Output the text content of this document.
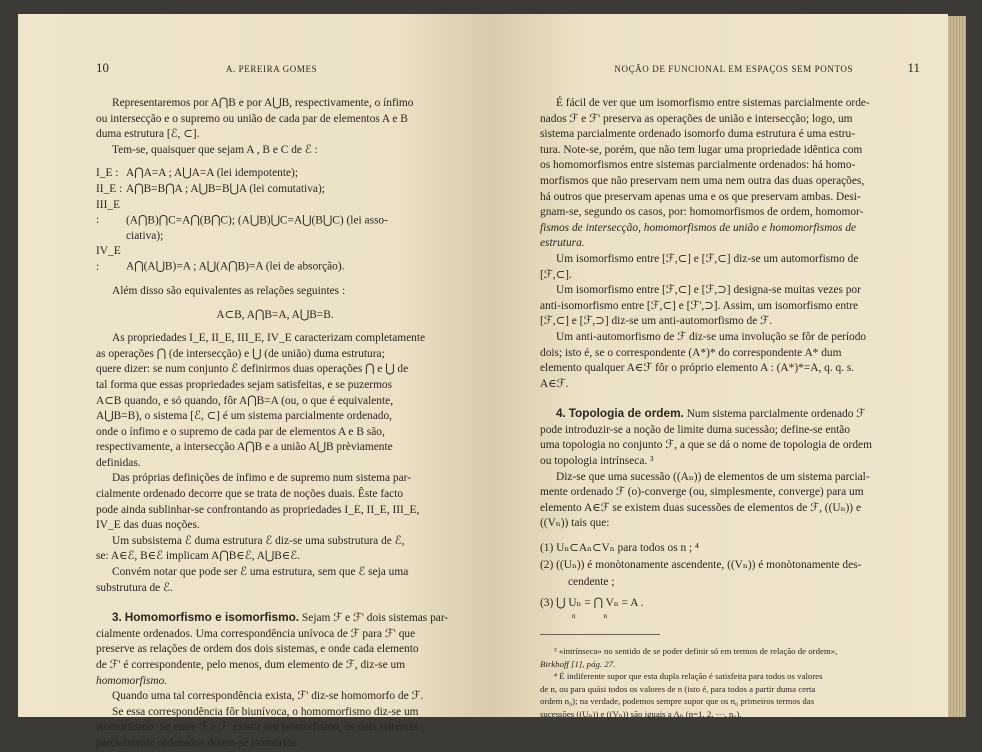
10	A. PEREIRA GOMES

Representaremos por A⋂B e por A⋃B, respectivamente, o ínfimo
ou intersecção e o supremo ou união de cada par de elementos A e B
duma estrutura [ℰ, ⊂].

Tem-se, quaisquer que sejam A , B e C de ℰ :

I_E : A⋂A=A ; A⋃A=A (lei idempotente);
II_E : A⋂B=B⋂A ; A⋃B=B⋃A (lei comutativa);
III_E : (A⋂B)⋂C=A⋂(B⋂C); (A⋃B)⋃C=A⋃(B⋃C) (lei asso-
ciativa);
IV_E : A⋂(A⋃B)=A ; A⋃(A⋂B)=A (lei de absorção).

Além disso são equivalentes as relações seguintes :

A⊂B, A⋂B=A, A⋃B=B.

As propriedades I_E, II_E, III_E, IV_E caracterizam completamente
as operações ⋂ (de intersecção) e ⋃ (de união) duma estrutura;
quere dizer: se num conjunto ℰ definirmos duas operações ⋂ e ⋃ de
tal forma que essas propriedades sejam satisfeitas, e se puzermos
A⊂B quando, e só quando, fôr A⋂B=A (ou, o que é equivalente,
A⋃B=B), o sistema [ℰ, ⊂] é um sistema parcialmente ordenado,
onde o ínfimo e o supremo de cada par de elementos A e B são,
respectivamente, a intersecção A⋂B e a união A⋃B prèviamente
definidas.

Das próprias definições de ínfimo e de supremo num sistema par-
cialmente ordenado decorre que se trata de noções duais. Êste facto
pode ainda sublinhar-se confrontando as propriedades I_E, II_E, III_E,
IV_E das duas noções.

Um subsistema ℰ duma estrutura ℰ diz-se uma substrutura de ℰ,
se: A∈ℰ, B∈ℰ implicam A⋂B∈ℰ, A⋃B∈ℰ.

Convém notar que pode ser ℰ uma estrutura, sem que ℰ seja uma
substrutura de ℰ.

3. Homomorfismo e isomorfismo. Sejam ℱ e ℱ' dois sistemas par-
cialmente ordenados. Uma correspondência unívoca de ℱ para ℱ' que
preserve as relações de ordem dos dois sistemas, e onde cada elemento
de ℱ' é correspondente, pelo menos, dum elemento de ℱ, diz-se um
homomorfismo.

Quando uma tal correspondência exista, ℱ' diz-se homomorfo de ℱ.

Se essa correspondência fôr biunívoca, o homomorfismo diz-se um
isomorfismo. Se entre ℱ e ℱ' existir um isomorfismo, os dois sistemas
parcialmente ordenados dizem-se isomorfos.

NOÇÃO DE FUNCIONAL EM ESPAÇOS SEM PONTOS	11

É fácil de ver que um isomorfismo entre sistemas parcialmente orde-
nados ℱ e ℱ' preserva as operações de união e intersecção; logo, um
sistema parcialmente ordenado isomorfo duma estrutura é uma estru-
tura. Note-se, porém, que não tem lugar uma propriedade idêntica com
os homomorfismos entre sistemas parcialmente ordenados: há homo-
morfismos que não preservam nem uma nem outra das duas operações,
há outros que preservam apenas uma e os que preservam ambas. Desi-
gnam-se, segundo os casos, por: homomorfismos de ordem, homomor-
fismos de intersecção, homomorfismos de união e homomorfismos de
estrutura.

Um isomorfismo entre [ℱ,⊂] e [ℱ,⊂] diz-se um automorfismo de
[ℱ,⊂].

Um isomorfismo entre [ℱ,⊂] e [ℱ,⊃] designa-se muitas vezes por
anti-isomorfismo entre [ℱ,⊂] e [ℱ',⊃]. Assim, um isomorfismo entre
[ℱ,⊂] e [ℱ,⊃] diz-se um anti-automorfismo de ℱ.

Um anti-automorfismo de ℱ diz-se uma involução se fôr de período
dois; isto é, se o correspondente (A*)* do correspondente A* dum
elemento qualquer A∈ℱ fôr o próprio elemento A : (A*)*=A, q. q. s.
A∈ℱ.

4. Topologia de ordem. Num sistema parcialmente ordenado ℱ
pode introduzir-se a noção de limite duma sucessão; define-se então
uma topologia no conjunto ℱ, a que se dá o nome de topologia de ordem
ou topologia intrínseca. ³

Diz-se que uma sucessão ((Aₙ)) de elementos de um sistema parcial-
mente ordenado ℱ (o)-converge (ou, simplesmente, converge) para um
elemento A∈ℱ se existem duas sucessões de elementos de ℱ, ((Uₙ)) e
((Vₙ)) tais que:

(1) Uₙ⊂Aₙ⊂Vₙ para todos os n ; ⁴
(2) ((Uₙ)) é monòtonamente ascendente, ((Vₙ)) é monòtonamente des-
cendente ;
(3) ⋃ Uₙ = ⋂ Vₙ = A .
n                n

³ «intrínseca» no sentido de se poder definir só em termos de relação de ordem»,
Birkhoff [1], pág. 27.

⁴ É indiferente supor que esta dupla relação é satisfeita para todos os valores
de n, ou para quási todos os valores de n (isto é, para todos a partir duma certa
ordem n₀); na verdade, podemos sempre supor que os n₀ primeiros termos das
sucessões ((Uₙ)) e ((Vₙ)) são iguais a Aₙ (n=1, 2, ⋯, n₀).
